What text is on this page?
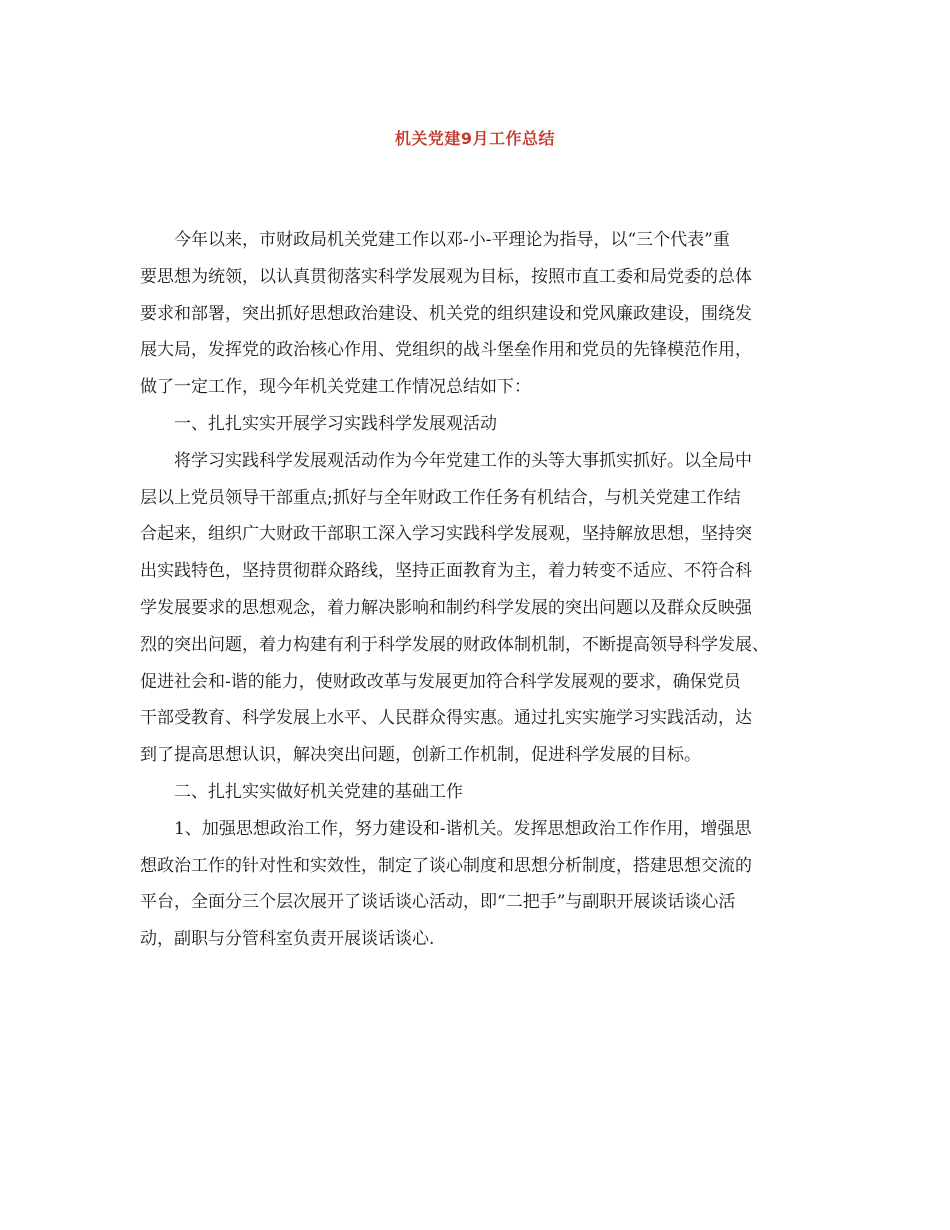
机关党建9月工作总结
今年以来，市财政局机关党建工作以邓-小-平理论为指导，以“三个代表”重
要思想为统领，以认真贯彻落实科学发展观为目标，按照市直工委和局党委的总体
要求和部署，突出抓好思想政治建设、机关党的组织建设和党风廉政建设，围绕发
展大局，发挥党的政治核心作用、党组织的战斗堡垒作用和党员的先锋模范作用，
做了一定工作，现今年机关党建工作情况总结如下：
一、扎扎实实开展学习实践科学发展观活动
将学习实践科学发展观活动作为今年党建工作的头等大事抓实抓好。以全局中
层以上党员领导干部重点;抓好与全年财政工作任务有机结合，与机关党建工作结
合起来，组织广大财政干部职工深入学习实践科学发展观，坚持解放思想，坚持突
出实践特色，坚持贯彻群众路线，坚持正面教育为主，着力转变不适应、不符合科
学发展要求的思想观念，着力解决影响和制约科学发展的突出问题以及群众反映强
烈的突出问题，着力构建有利于科学发展的财政体制机制，不断提高领导科学发展、
促进社会和-谐的能力，使财政改革与发展更加符合科学发展观的要求，确保党员
干部受教育、科学发展上水平、人民群众得实惠。通过扎实实施学习实践活动，达
到了提高思想认识，解决突出问题，创新工作机制，促进科学发展的目标。
二、扎扎实实做好机关党建的基础工作
1、加强思想政治工作，努力建设和-谐机关。发挥思想政治工作作用，增强思
想政治工作的针对性和实效性，制定了谈心制度和思想分析制度，搭建思想交流的
平台，全面分三个层次展开了谈话谈心活动，即“二把手”与副职开展谈话谈心活
动，副职与分管科室负责开展谈话谈心.
